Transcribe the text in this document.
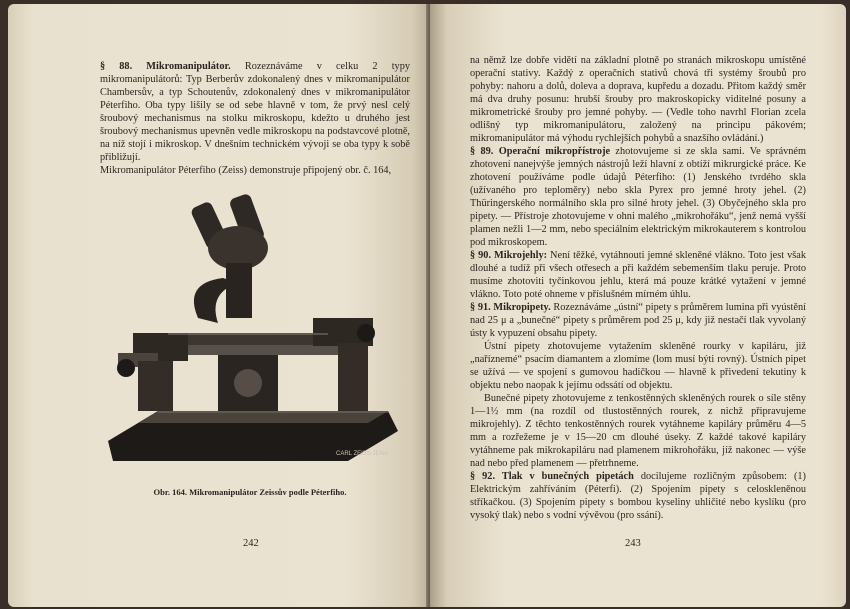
§ 88. Mikromanipulátor. Rozeznáváme v celku 2 typy mikromanipulátorů: Typ Berberův zdokonalený dnes v mikromanipulátor Chambersův, a typ Schoutenův, zdokonalený dnes v mikromanipulátor Péterfiho. Oba typy lišily se od sebe hlavně v tom, že prvý nesl celý šroubový mechanismus na stolku mikroskopu, kdežto u druhého jest šroubový mechanismus upevněn vedle mikroskopu na podstavcové plotně, na níž stojí i mikroskop. V dnešním technickém vývoji se oba typy k sobě přibližují.

Mikromanipulátor Péterfiho (Zeiss) demonstruje připojený obr. č. 164,

CARL ZEISS JENA
Obr. 164. Mikromanipulátor Zeissův podle Péterfiho.
242

na němž lze dobře vidětí na základní plotně po stranách mikroskopu umístěné operační stativy. Každý z operačních stativů chová tři systémy šroubů pro pohyby: nahoru a dolů, doleva a doprava, kupředu a dozadu. Přitom každý směr má dva druhy posunu: hrubší šrouby pro makroskopicky viditelné posuny a mikrometrické šrouby pro jemné pohyby. — (Vedle toho navrhl Florian zcela odlišný typ mikromanipulátoru, založený na principu pákovém; mikromanipulátor má výhodu rychlejších pohybů a snazšího ovládání.)

§ 89. Operační mikropřístroje zhotovujeme si ze skla sami. Ve správném zhotovení nanejvýše jemných nástrojů leží hlavní z obtíží mikrurgické práce. Ke zhotovení používáme podle údajů Péterfiho: (1) Jenského tvrdého skla (užívaného pro teploměry) nebo skla Pyrex pro jemné hroty jehel. (2) Thüringerského normálního skla pro silné hroty jehel. (3) Obyčejného skla pro pipety. — Přístroje zhotovujeme v ohni malého „mikrohořáku“, jenž nemá vyšší plamen nežli 1—2 mm, nebo speciálním elektrickým mikrokauterem s kontrolou pod mikroskopem.

§ 90. Mikrojehly: Není těžké, vytáhnouti jemné skleněné vlákno. Toto jest však dlouhé a tudíž při všech otřesech a při každém sebemenším tlaku peruje. Proto musíme zhotoviti tyčinkovou jehlu, která má pouze krátké vytažení v jemné vlákno. Toto poté ohneme v příslušném mírném úhlu.

§ 91. Mikropipety. Rozeznáváme „ústní“ pipety s průměrem lumina při vyústění nad 25 μ a „bunečné“ pipety s průměrem pod 25 μ, kdy již nestačí tlak vyvolaný ústy k vypuzení obsahu pipety.

Ústní pipety zhotovujeme vytažením skleněné rourky v kapiláru, již „naříznemé“ psacím diamantem a zlomíme (lom musí býti rovný). Ústních pipet se užívá — ve spojení s gumovou hadičkou — hlavně k přivedení tekutiny k objektu nebo naopak k jejímu odssátí od objektu.

Bunečné pipety zhotovujeme z tenkostěnných skleněných rourek o síle stěny 1—1½ mm (na rozdíl od tlustostěnných rourek, z nichž připravujeme mikrojehly). Z těchto tenkostěnných rourek vytáhneme kapiláry průměru 4—5 mm a rozřežeme je v 15—20 cm dlouhé úseky. Z každé takové kapiláry vytáhneme pak mikrokapiláru nad plamenem mikrohořáku, jíž nakonec — výše nad nebo před plamenem — přetrhneme.

§ 92. Tlak v bunečných pipetách docilujeme rozličným způsobem: (1) Elektrickým zahříváním (Péterfi). (2) Spojením pipety s celoskleněnou stříkačkou. (3) Spojením pipety s bombou kyseliny uhličité nebo kyslíku (pro vysoký tlak) nebo s vodní vývěvou (pro ssání).

243
